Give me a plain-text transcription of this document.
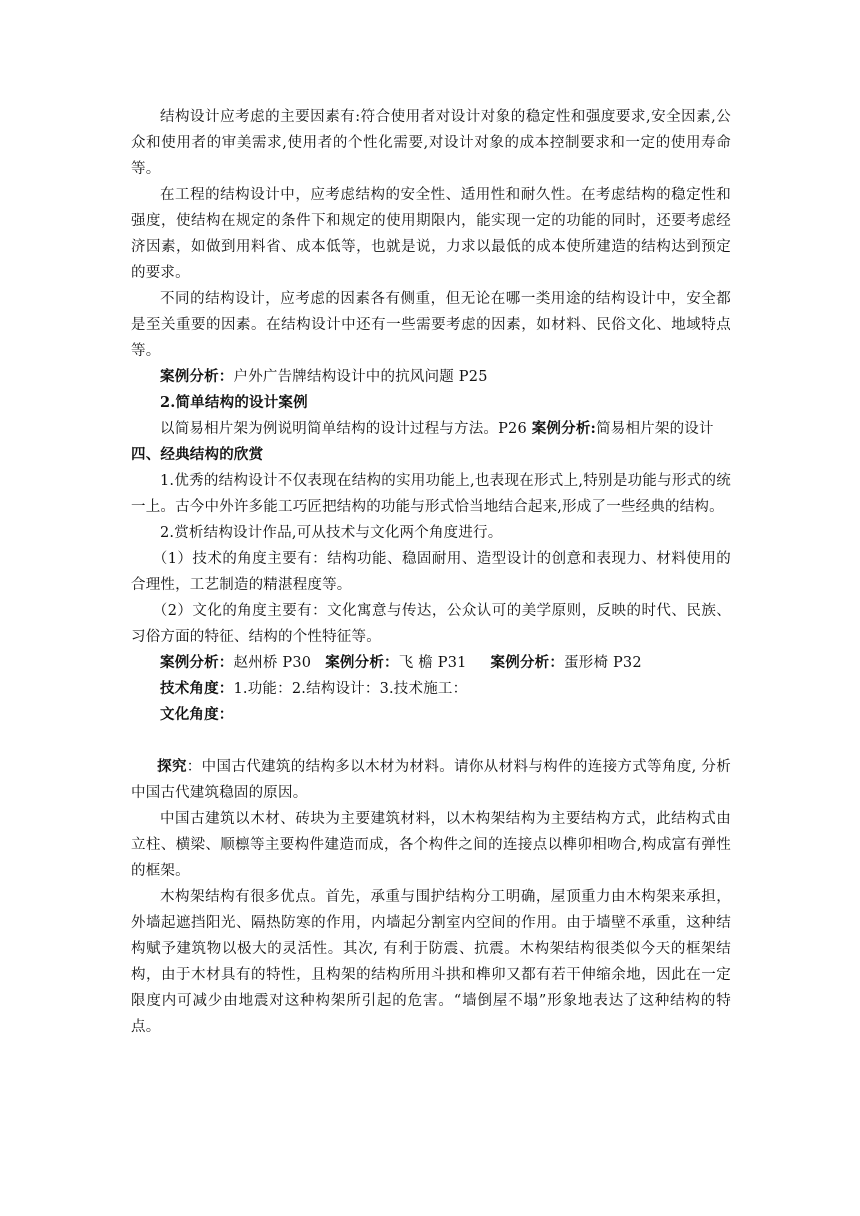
结构设计应考虑的主要因素有:符合使用者对设计对象的稳定性和强度要求,安全因素,公众和使用者的审美需求,使用者的个性化需要,对设计对象的成本控制要求和一定的使用寿命等。

在工程的结构设计中，应考虑结构的安全性、适用性和耐久性。在考虑结构的稳定性和强度，使结构在规定的条件下和规定的使用期限内，能实现一定的功能的同时，还要考虑经济因素，如做到用料省、成本低等，也就是说，力求以最低的成本使所建造的结构达到预定的要求。

不同的结构设计，应考虑的因素各有侧重，但无论在哪一类用途的结构设计中，安全都是至关重要的因素。在结构设计中还有一些需要考虑的因素，如材料、民俗文化、地域特点等。

案例分析：户外广告牌结构设计中的抗风问题 P25

2.简单结构的设计案例

以简易相片架为例说明简单结构的设计过程与方法。P26 案例分析:简易相片架的设计

四、经典结构的欣赏

1.优秀的结构设计不仅表现在结构的实用功能上,也表现在形式上,特别是功能与形式的统一上。古今中外许多能工巧匠把结构的功能与形式恰当地结合起来,形成了一些经典的结构。

2.赏析结构设计作品,可从技术与文化两个角度进行。

（1）技术的角度主要有：结构功能、稳固耐用、造型设计的创意和表现力、材料使用的合理性，工艺制造的精湛程度等。

（2）文化的角度主要有：文化寓意与传达，公众认可的美学原则，反映的时代、民族、习俗方面的特征、结构的个性特征等。

案例分析：赵州桥 P30 案例分析：飞 檐 P31 案例分析：蛋形椅 P32

技术角度：1.功能：2.结构设计：3.技术施工：

文化角度：

探究：中国古代建筑的结构多以木材为材料。请你从材料与构件的连接方式等角度, 分析中国古代建筑稳固的原因。

中国古建筑以木材、砖块为主要建筑材料，以木构架结构为主要结构方式，此结构式由立柱、横梁、顺檩等主要构件建造而成，各个构件之间的连接点以榫卯相吻合,构成富有弹性的框架。

木构架结构有很多优点。首先，承重与围护结构分工明确，屋顶重力由木构架来承担，外墙起遮挡阳光、隔热防寒的作用，内墙起分割室内空间的作用。由于墙壁不承重，这种结构赋予建筑物以极大的灵活性。其次, 有利于防震、抗震。木构架结构很类似今天的框架结构，由于木材具有的特性，且构架的结构所用斗拱和榫卯又都有若干伸缩余地，因此在一定限度内可减少由地震对这种构架所引起的危害。“墙倒屋不塌”形象地表达了这种结构的特点。
